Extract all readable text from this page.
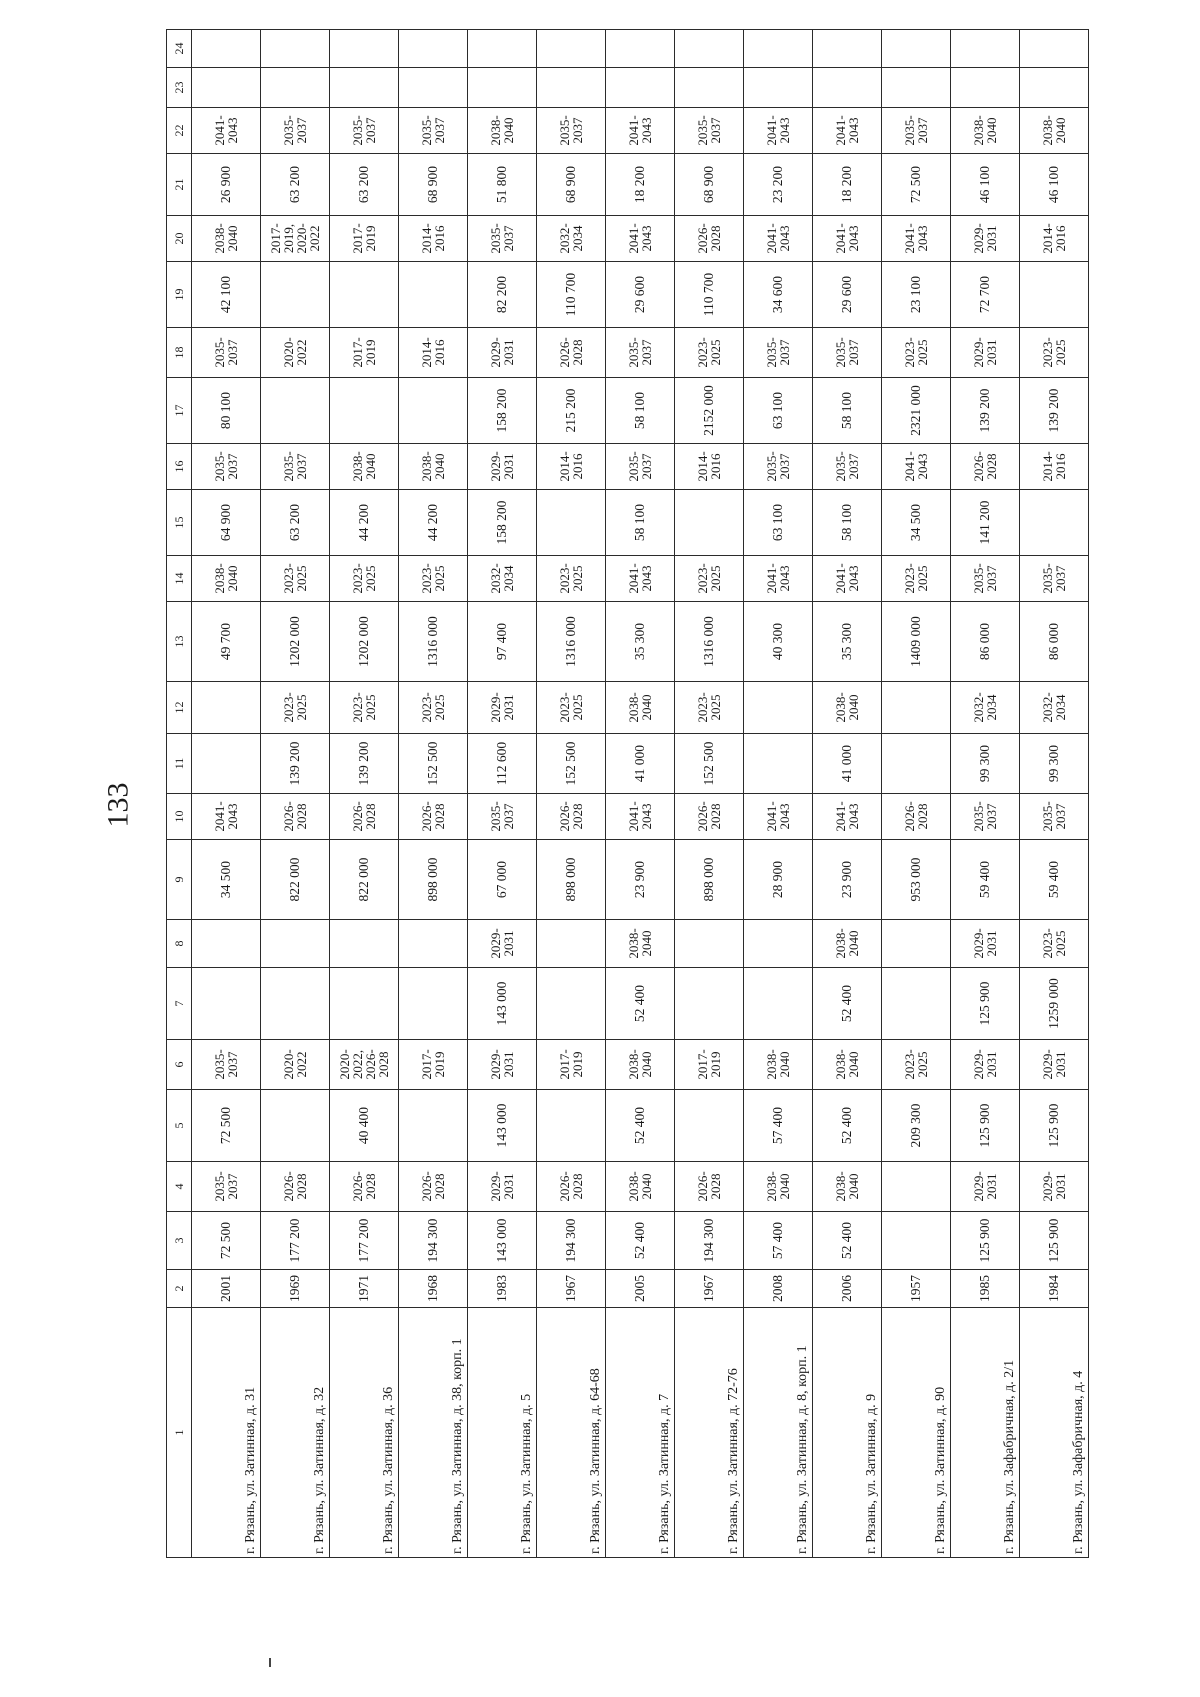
133
1	2	3	4	5	6	7	8	9	10	11	12	13	14	15	16	17	18	19	20	21	22	23	24
г. Рязань, ул. Затинная, д. 31	2001	72 500	2035-2037	72 500	2035-2037			34 500	2041-2043			49 700	2038-2040	64 900	2035-2037	80 100	2035-2037	42 100	2038-2040	26 900	2041-2043		
г. Рязань, ул. Затинная, д. 32	1969	177 200	2026-2028		2020-2022			822 000	2026-2028	139 200	2023-2025	1202 000	2023-2025	63 200	2035-2037		2020-2022		2017-2019, 2020-2022	63 200	2035-2037		
г. Рязань, ул. Затинная, д. 36	1971	177 200	2026-2028	40 400	2020-2022, 2026-2028			822 000	2026-2028	139 200	2023-2025	1202 000	2023-2025	44 200	2038-2040		2017-2019		2017-2019	63 200	2035-2037		
г. Рязань, ул. Затинная, д. 38, корп. 1	1968	194 300	2026-2028		2017-2019			898 000	2026-2028	152 500	2023-2025	1316 000	2023-2025	44 200	2038-2040		2014-2016		2014-2016	68 900	2035-2037		
г. Рязань, ул. Затинная, д. 5	1983	143 000	2029-2031	143 000	2029-2031	143 000	2029-2031	67 000	2035-2037	112 600	2029-2031	97 400	2032-2034	158 200	2029-2031	158 200	2029-2031	82 200	2035-2037	51 800	2038-2040		
г. Рязань, ул. Затинная, д. 64-68	1967	194 300	2026-2028		2017-2019			898 000	2026-2028	152 500	2023-2025	1316 000	2023-2025		2014-2016	215 200	2026-2028	110 700	2032-2034	68 900	2035-2037		
г. Рязань, ул. Затинная, д. 7	2005	52 400	2038-2040	52 400	2038-2040	52 400	2038-2040	23 900	2041-2043	41 000	2038-2040	35 300	2041-2043	58 100	2035-2037	58 100	2035-2037	29 600	2041-2043	18 200	2041-2043		
г. Рязань, ул. Затинная, д. 72-76	1967	194 300	2026-2028		2017-2019			898 000	2026-2028	152 500	2023-2025	1316 000	2023-2025		2014-2016	2152 000	2023-2025	110 700	2026-2028	68 900	2035-2037		
г. Рязань, ул. Затинная, д. 8, корп. 1	2008	57 400	2038-2040	57 400	2038-2040			28 900	2041-2043			40 300	2041-2043	63 100	2035-2037	63 100	2035-2037	34 600	2041-2043	23 200	2041-2043		
г. Рязань, ул. Затинная, д. 9	2006	52 400	2038-2040	52 400	2038-2040	52 400	2038-2040	23 900	2041-2043	41 000	2038-2040	35 300	2041-2043	58 100	2035-2037	58 100	2035-2037	29 600	2041-2043	18 200	2041-2043		
г. Рязань, ул. Затинная, д. 90	1957			209 300	2023-2025			953 000	2026-2028			1409 000	2023-2025	34 500	2041-2043	2321 000	2023-2025	23 100	2041-2043	72 500	2035-2037		
г. Рязань, ул. Зафабричная, д. 2/1	1985	125 900	2029-2031	125 900	2029-2031	125 900	2029-2031	59 400	2035-2037	99 300	2032-2034	86 000	2035-2037	141 200	2026-2028	139 200	2029-2031	72 700	2029-2031	46 100	2038-2040		
г. Рязань, ул. Зафабричная, д. 4	1984	125 900	2029-2031	125 900	2029-2031	1259 000	2023-2025	59 400	2035-2037	99 300	2032-2034	86 000	2035-2037		2014-2016	139 200	2023-2025		2014-2016	46 100	2038-2040		
